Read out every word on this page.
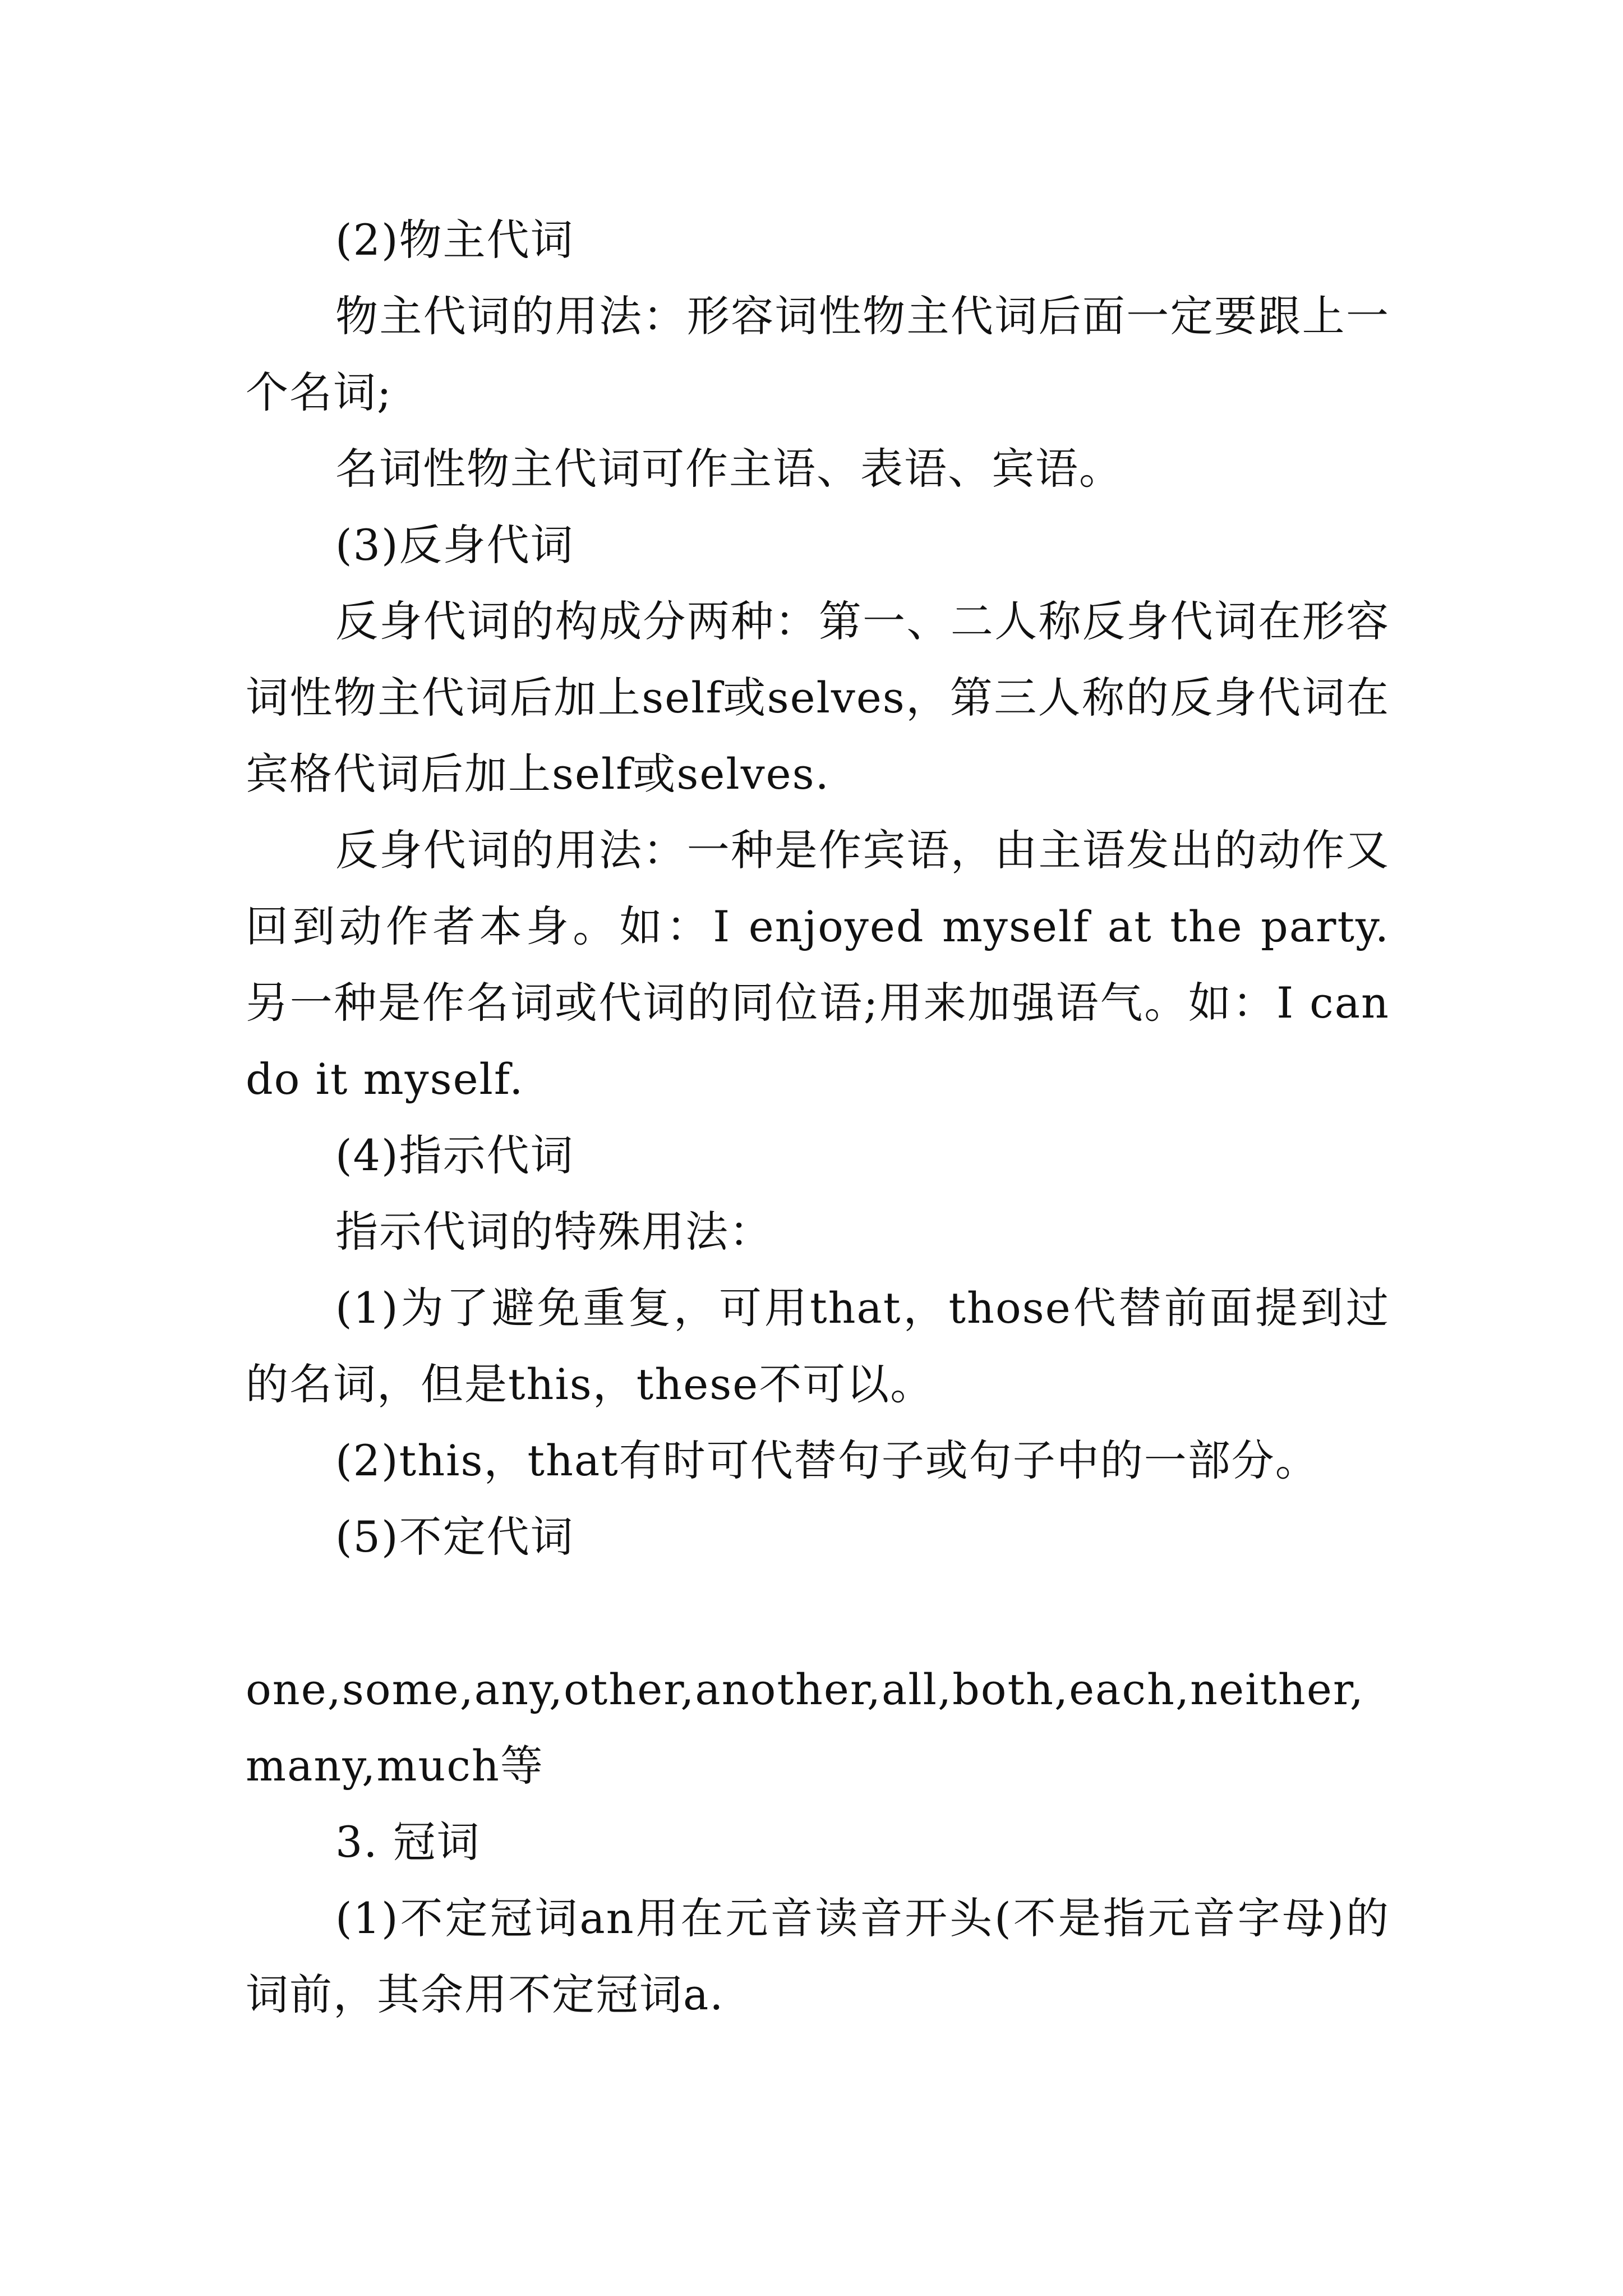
(2)物主代词

物主代词的用法：形容词性物主代词后面一定要跟上一个名词;

名词性物主代词可作主语、表语、宾语。

(3)反身代词

反身代词的构成分两种：第一、二人称反身代词在形容词性物主代词后加上self或selves，第三人称的反身代词在宾格代词后加上self或selves.

反身代词的用法：一种是作宾语，由主语发出的动作又回到动作者本身。如：I enjoyed myself at the party. 另一种是作名词或代词的同位语;用来加强语气。如：I can do it myself.

(4)指示代词

指示代词的特殊用法：

(1)为了避免重复，可用that，those代替前面提到过的名词，但是this，these不可以。

(2)this，that有时可代替句子或句子中的一部分。

(5)不定代词

one,some,any,other,another,all,both,each,neither,many,much等

3. 冠词

(1)不定冠词an用在元音读音开头(不是指元音字母)的词前，其余用不定冠词a.
